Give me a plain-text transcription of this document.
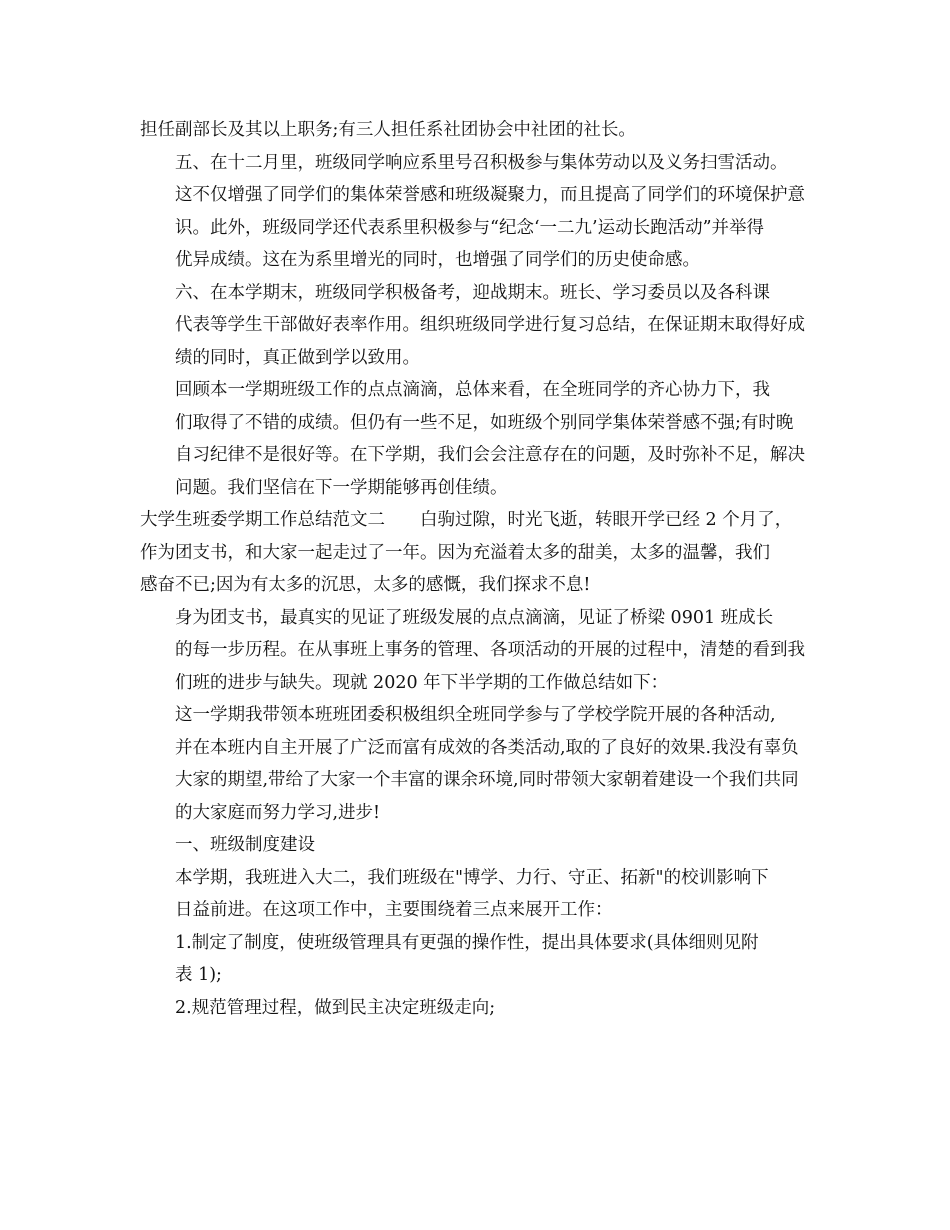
担任副部长及其以上职务;有三人担任系社团协会中社团的社长。
五、在十二月里，班级同学响应系里号召积极参与集体劳动以及义务扫雪活动。
这不仅增强了同学们的集体荣誉感和班级凝聚力，而且提高了同学们的环境保护意
识。此外，班级同学还代表系里积极参与“纪念‘一二九’运动长跑活动”并举得
优异成绩。这在为系里增光的同时，也增强了同学们的历史使命感。
六、在本学期末，班级同学积极备考，迎战期末。班长、学习委员以及各科课
代表等学生干部做好表率作用。组织班级同学进行复习总结，在保证期末取得好成
绩的同时，真正做到学以致用。
回顾本一学期班级工作的点点滴滴，总体来看，在全班同学的齐心协力下，我
们取得了不错的成绩。但仍有一些不足，如班级个别同学集体荣誉感不强;有时晚
自习纪律不是很好等。在下学期，我们会会注意存在的问题，及时弥补不足，解决
问题。我们坚信在下一学期能够再创佳绩。
大学生班委学期工作总结范文二　　白驹过隙，时光飞逝，转眼开学已经 2 个月了，
作为团支书，和大家一起走过了一年。因为充溢着太多的甜美，太多的温馨，我们
感奋不已;因为有太多的沉思，太多的感慨，我们探求不息!
身为团支书，最真实的见证了班级发展的点点滴滴，见证了桥梁 0901 班成长
的每一步历程。在从事班上事务的管理、各项活动的开展的过程中，清楚的看到我
们班的进步与缺失。现就 2020 年下半学期的工作做总结如下：
这一学期我带领本班班团委积极组织全班同学参与了学校学院开展的各种活动,
并在本班内自主开展了广泛而富有成效的各类活动,取的了良好的效果.我没有辜负
大家的期望,带给了大家一个丰富的课余环境,同时带领大家朝着建设一个我们共同
的大家庭而努力学习,进步!
一、班级制度建设
本学期，我班进入大二，我们班级在"博学、力行、守正、拓新"的校训影响下
日益前进。在这项工作中，主要围绕着三点来展开工作：
1.制定了制度，使班级管理具有更强的操作性，提出具体要求(具体细则见附
表 1);
2.规范管理过程，做到民主决定班级走向;
